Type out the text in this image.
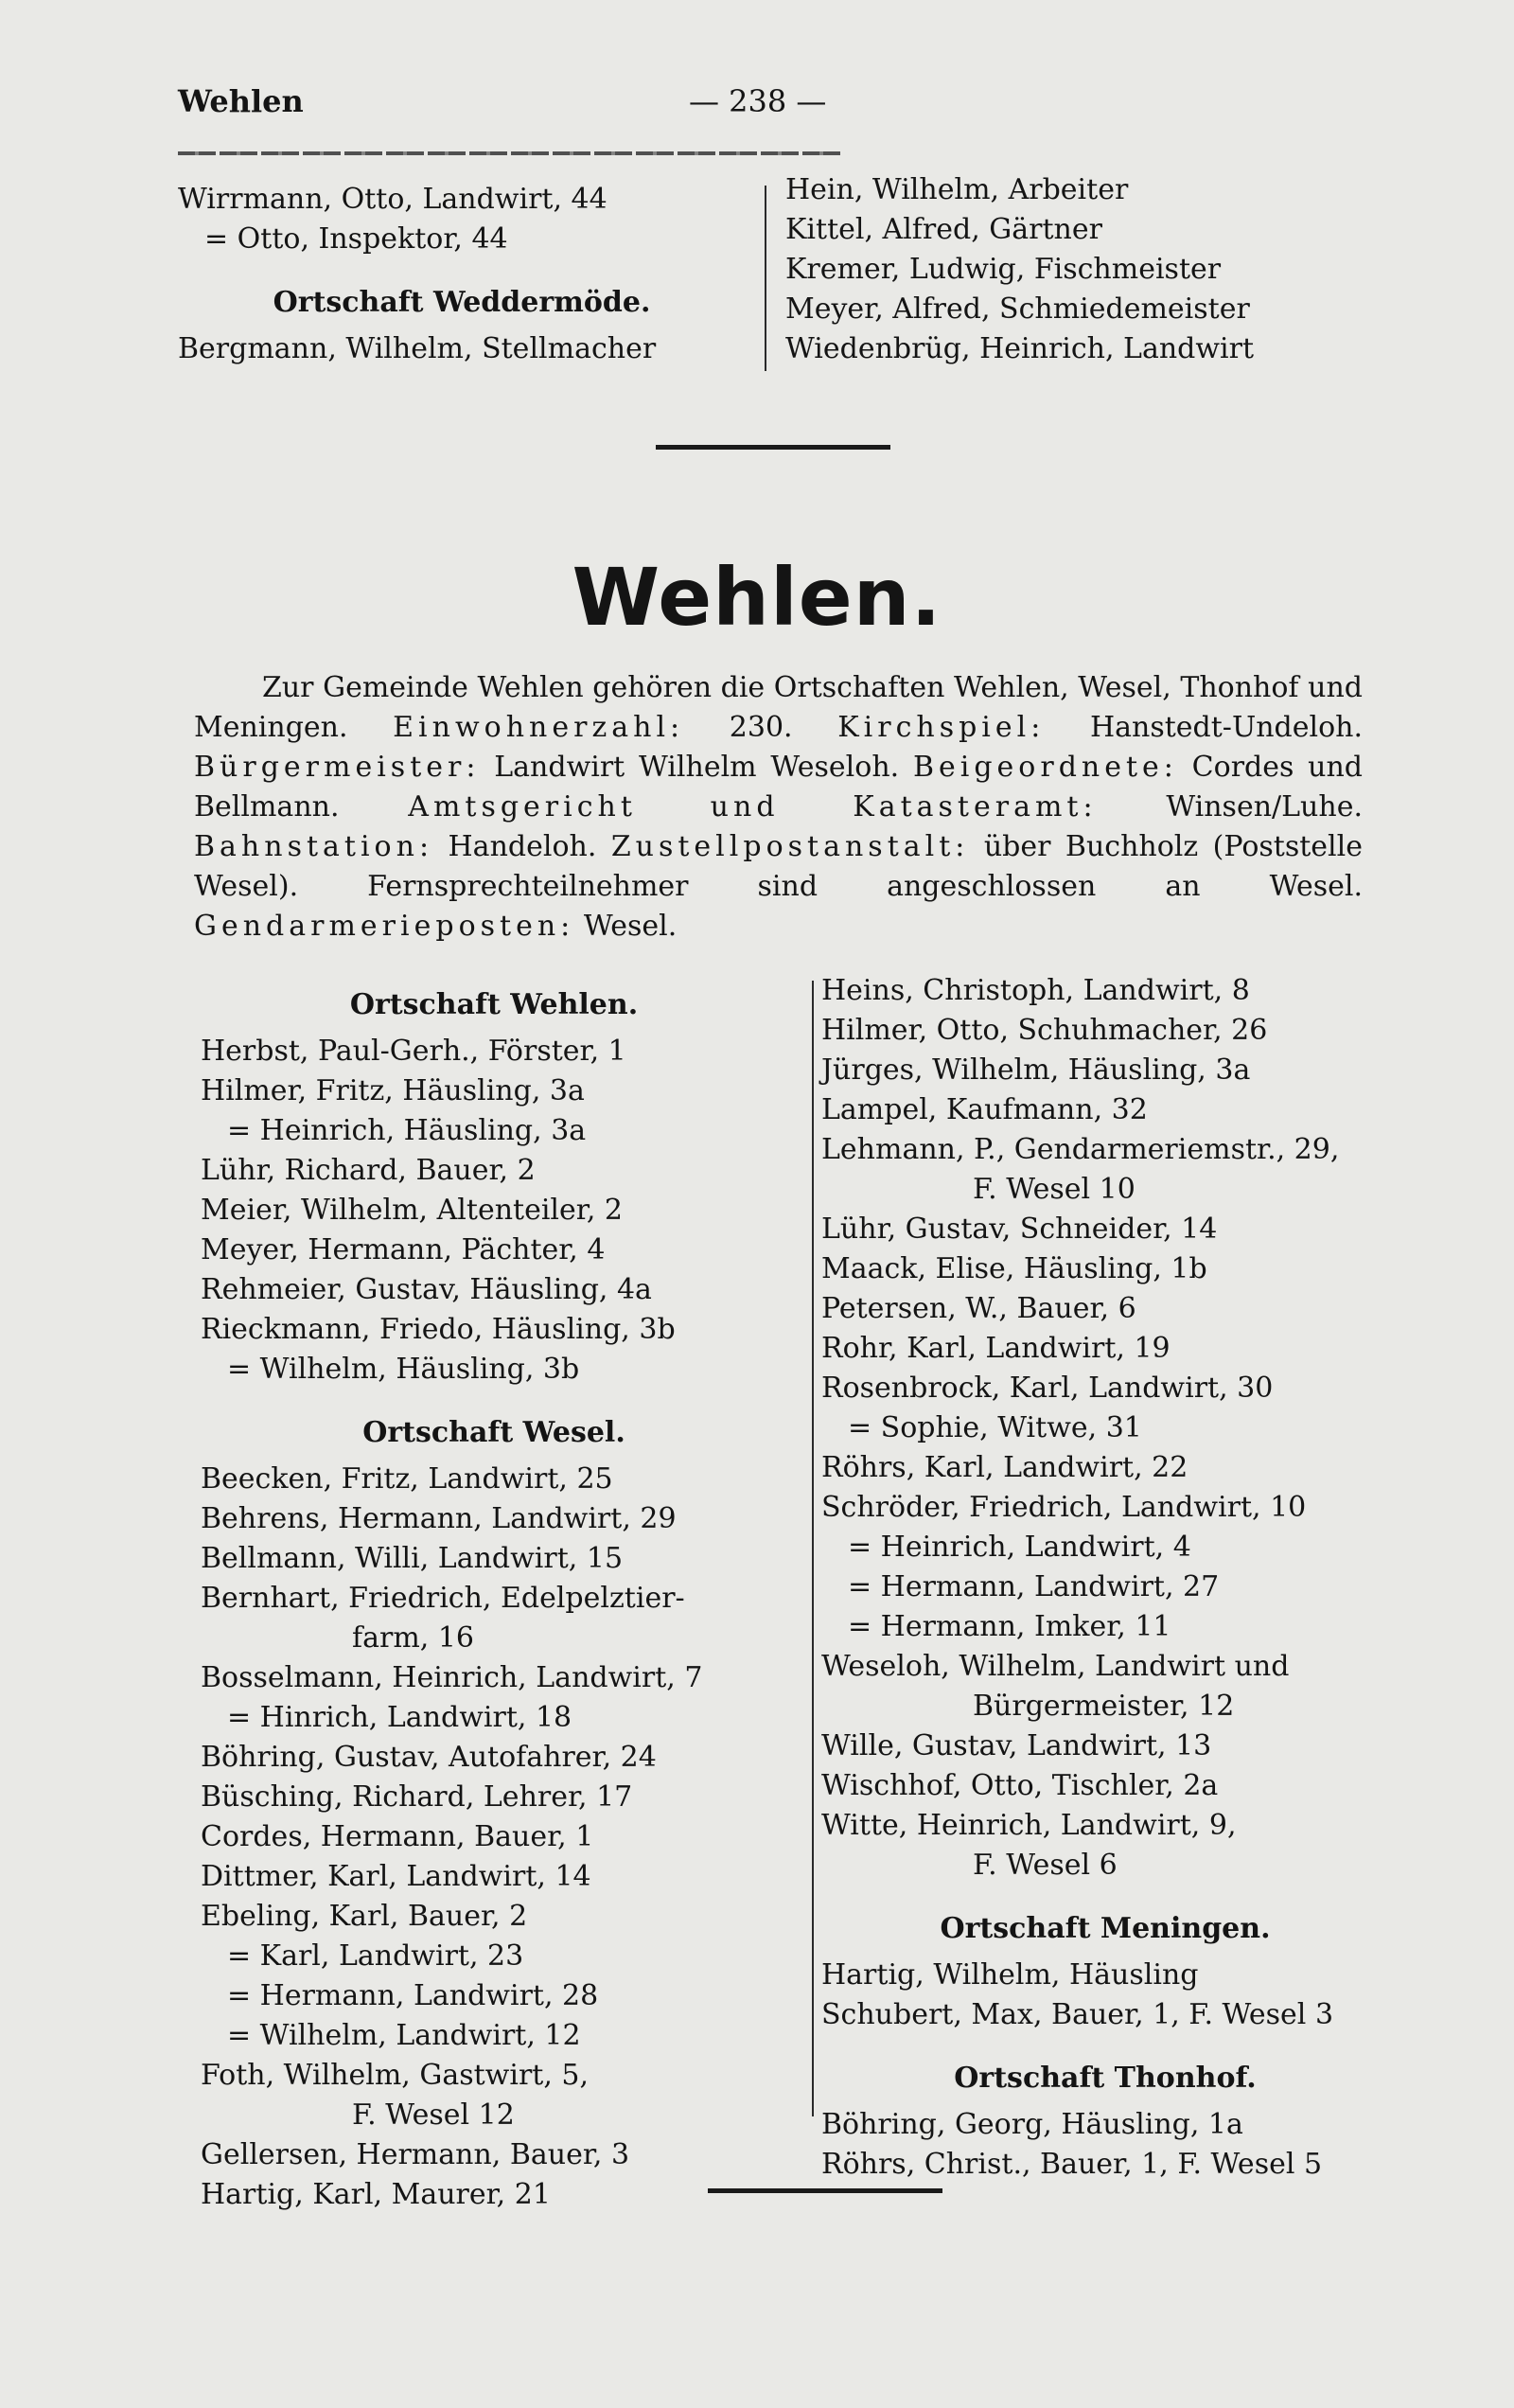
Wehlen	— 238 —
Wirrmann, Otto, Landwirt, 44
= Otto, Inspektor, 44
Ortschaft Weddermöde.
Bergmann, Wilhelm, Stellmacher
Hein, Wilhelm, Arbeiter
Kittel, Alfred, Gärtner
Kremer, Ludwig, Fischmeister
Meyer, Alfred, Schmiedemeister
Wiedenbrüg, Heinrich, Landwirt
Wehlen.
Zur Gemeinde Wehlen gehören die Ortschaften Wehlen, Wesel, Thonhof und Meningen. Einwohnerzahl: 230. Kirchspiel: Hanstedt-Undeloh. Bürgermeister: Landwirt Wilhelm Weseloh. Beigeordnete: Cordes und Bellmann. Amtsgericht und Katasteramt: Winsen/Luhe. Bahnstation: Handeloh. Zustellpostanstalt: über Buchholz (Poststelle Wesel). Fernsprechteilnehmer sind angeschlossen an Wesel. Gendarmerieposten: Wesel.
Ortschaft Wehlen.
Herbst, Paul-Gerh., Förster, 1
Hilmer, Fritz, Häusling, 3a
= Heinrich, Häusling, 3a
Lühr, Richard, Bauer, 2
Meier, Wilhelm, Altenteiler, 2
Meyer, Hermann, Pächter, 4
Rehmeier, Gustav, Häusling, 4a
Rieckmann, Friedo, Häusling, 3b
= Wilhelm, Häusling, 3b
Ortschaft Wesel.
Beecken, Fritz, Landwirt, 25
Behrens, Hermann, Landwirt, 29
Bellmann, Willi, Landwirt, 15
Bernhart, Friedrich, Edelpelztier-
farm, 16
Bosselmann, Heinrich, Landwirt, 7
= Hinrich, Landwirt, 18
Böhring, Gustav, Autofahrer, 24
Büsching, Richard, Lehrer, 17
Cordes, Hermann, Bauer, 1
Dittmer, Karl, Landwirt, 14
Ebeling, Karl, Bauer, 2
= Karl, Landwirt, 23
= Hermann, Landwirt, 28
= Wilhelm, Landwirt, 12
Foth, Wilhelm, Gastwirt, 5,
F. Wesel 12
Gellersen, Hermann, Bauer, 3
Hartig, Karl, Maurer, 21
Heins, Christoph, Landwirt, 8
Hilmer, Otto, Schuhmacher, 26
Jürges, Wilhelm, Häusling, 3a
Lampel, Kaufmann, 32
Lehmann, P., Gendarmeriemstr., 29,
F. Wesel 10
Lühr, Gustav, Schneider, 14
Maack, Elise, Häusling, 1b
Petersen, W., Bauer, 6
Rohr, Karl, Landwirt, 19
Rosenbrock, Karl, Landwirt, 30
= Sophie, Witwe, 31
Röhrs, Karl, Landwirt, 22
Schröder, Friedrich, Landwirt, 10
= Heinrich, Landwirt, 4
= Hermann, Landwirt, 27
= Hermann, Imker, 11
Weseloh, Wilhelm, Landwirt und
Bürgermeister, 12
Wille, Gustav, Landwirt, 13
Wischhof, Otto, Tischler, 2a
Witte, Heinrich, Landwirt, 9,
F. Wesel 6
Ortschaft Meningen.
Hartig, Wilhelm, Häusling
Schubert, Max, Bauer, 1, F. Wesel 3
Ortschaft Thonhof.
Böhring, Georg, Häusling, 1a
Röhrs, Christ., Bauer, 1, F. Wesel 5
